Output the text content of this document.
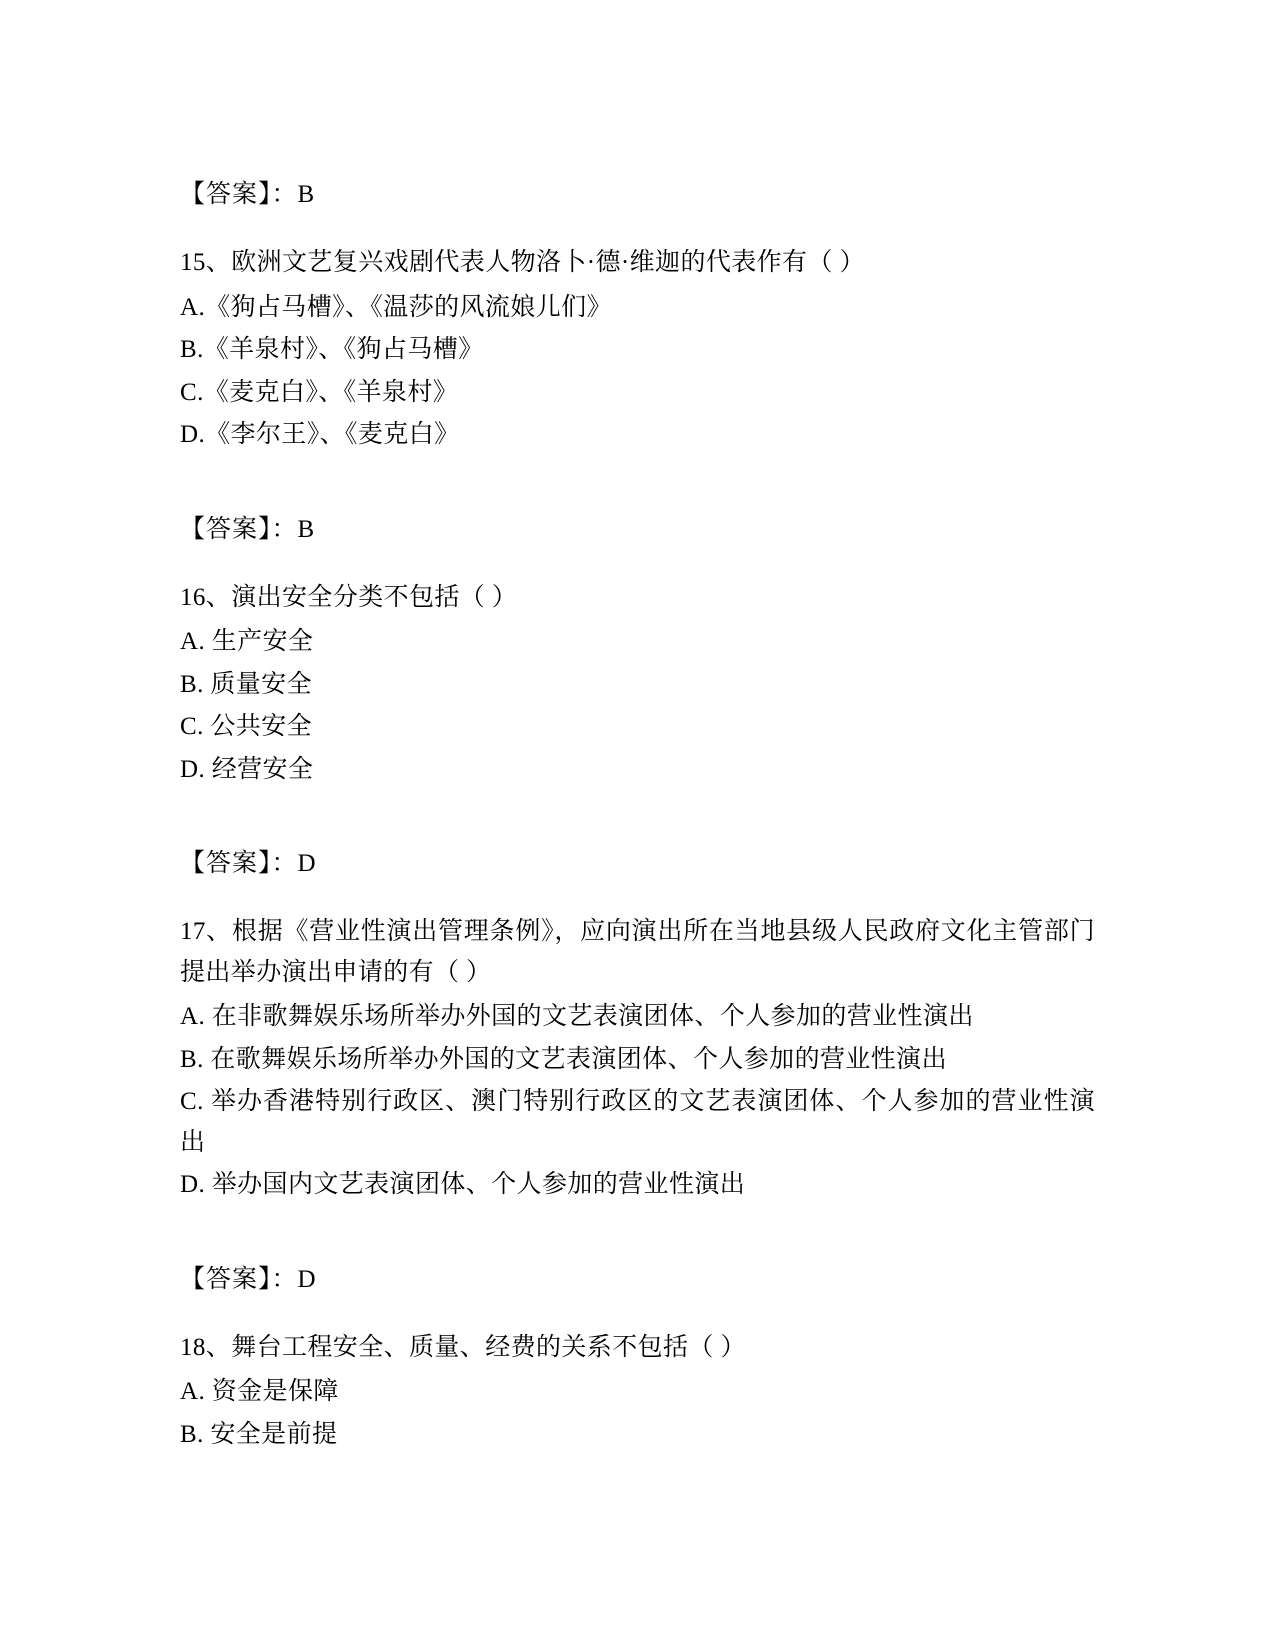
【答案】：B

15、欧洲文艺复兴戏剧代表人物洛卜·德·维迦的代表作有（ ）

A.《狗占马槽》、《温莎的风流娘儿们》

B.《羊泉村》、《狗占马槽》

C.《麦克白》、《羊泉村》

D.《李尔王》、《麦克白》

【答案】：B

16、演出安全分类不包括（ ）

A. 生产安全

B. 质量安全

C. 公共安全

D. 经营安全

【答案】：D

17、根据《营业性演出管理条例》，应向演出所在当地县级人民政府文化主管部门提出举办演出申请的有（ ）

A. 在非歌舞娱乐场所举办外国的文艺表演团体、个人参加的营业性演出

B. 在歌舞娱乐场所举办外国的文艺表演团体、个人参加的营业性演出

C. 举办香港特别行政区、澳门特别行政区的文艺表演团体、个人参加的营业性演出

D. 举办国内文艺表演团体、个人参加的营业性演出

【答案】：D

18、舞台工程安全、质量、经费的关系不包括（ ）

A. 资金是保障

B. 安全是前提
